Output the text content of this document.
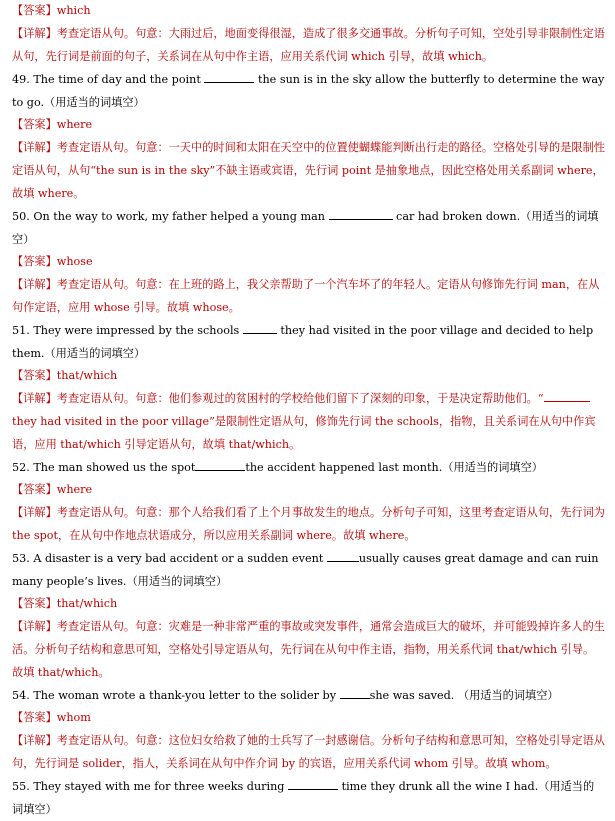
【答案】which
【详解】考查定语从句。句意：大雨过后，地面变得很湿，造成了很多交通事故。分析句子可知，空处引导非限制性定语从句，先行词是前面的句子，关系词在从句中作主语，应用关系代词 which 引导，故填 which。
49. The time of day and the point	the sun is in the sky allow the butterfly to determine the way to go.（用适当的词填空）
【答案】where
【详解】考查定语从句。句意：一天中的时间和太阳在天空中的位置使蝴蝶能判断出行走的路径。空格处引导的是限制性定语从句，从句“the sun is in the sky”不缺主语或宾语，先行词 point 是抽象地点，因此空格处用关系副词 where，故填 where。
50. On the way to work, my father helped a young man	car had broken down.（用适当的词填空）
【答案】whose
【详解】考查定语从句。句意：在上班的路上，我父亲帮助了一个汽车坏了的年轻人。定语从句修饰先行词 man，在从句作定语，应用 whose 引导。故填 whose。
51. They were impressed by the schools	they had visited in the poor village and decided to help them.（用适当的词填空）
【答案】that/which
【详解】考查定语从句。句意：他们参观过的贫困村的学校给他们留下了深刻的印象，于是决定帮助他们。“they had visited in the poor village”是限制性定语从句，修饰先行词 the schools，指物，且关系词在从句中作宾语，应用 that/which 引导定语从句，故填 that/which。
52. The man showed us the spot	the accident happened last month.（用适当的词填空）
【答案】where
【详解】考查定语从句。句意：那个人给我们看了上个月事故发生的地点。分析句子可知，这里考查定语从句，先行词为 the spot，在从句中作地点状语成分，所以应用关系副词 where。故填 where。
53. A disaster is a very bad accident or a sudden event	usually causes great damage and can ruin many people’s lives.（用适当的词填空）
【答案】that/which
【详解】考查定语从句。句意：灾难是一种非常严重的事故或突发事件，通常会造成巨大的破坏，并可能毁掉许多人的生活。分析句子结构和意思可知，空格处引导定语从句，先行词在从句中作主语，指物，用关系代词 that/which 引导。故填 that/which。
54. The woman wrote a thank-you letter to the solider by	she was saved. （用适当的词填空）
【答案】whom
【详解】考查定语从句。句意：这位妇女给救了她的士兵写了一封感谢信。分析句子结构和意思可知，空格处引导定语从句，先行词是 solider，指人，关系词在从句中作介词 by 的宾语，应用关系代词 whom 引导。故填 whom。
55. They stayed with me for three weeks during	time they drunk all the wine I had.（用适当的词填空）
